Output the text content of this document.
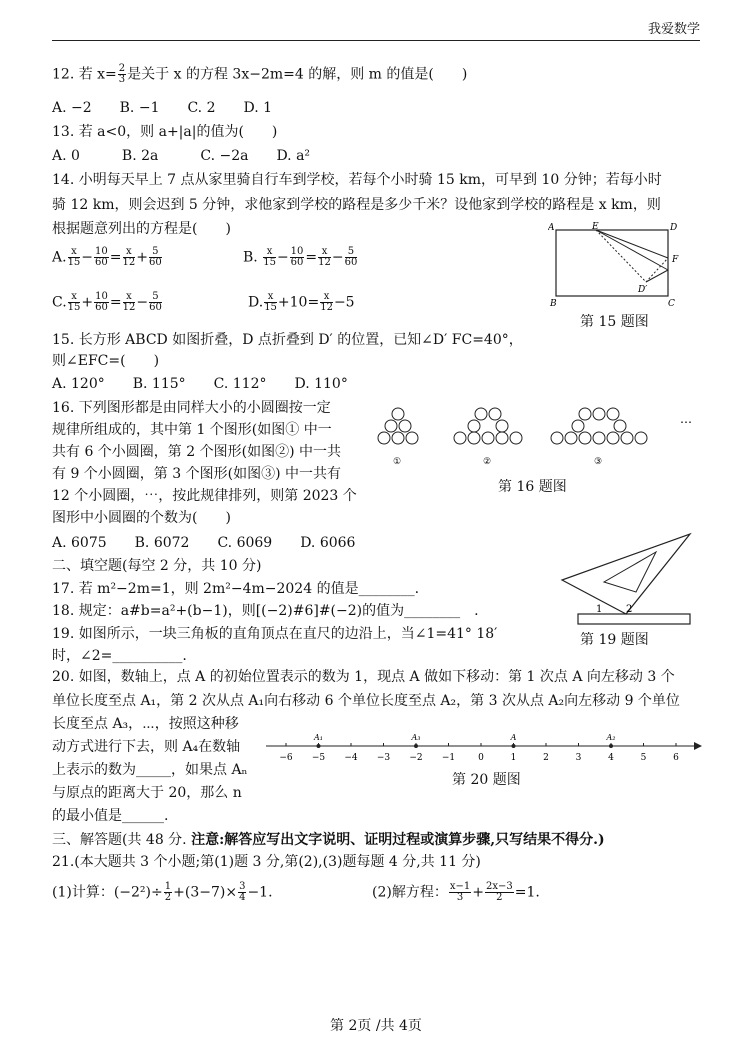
我爱数学
12. 若 $x= \frac{2}{3}$ 是关于 x 的方程 3x−2m=4 的解，则 m 的值是(　　)
A. −2　　B. −1　　C. 2　　D. 1
13. 若 a<0，则 a+|a|的值为(　　)
A. 0　　　B. 2a　　　C. −2a　　D. a²
14. 小明每天早上 7 点从家里骑自行车到学校，若每个小时骑 15 km，可早到 10 分钟；若每小时
骑 12 km，则会迟到 5 分钟，求他家到学校的路程是多少千米？设他家到学校的路程是 x km，则
根据题意列出的方程是(　　)
A. $\frac{x}{15} - \frac{10}{60} = \frac{x}{12} + \frac{5}{60}$	B. $\frac{x}{15} - \frac{10}{60} = \frac{x}{12} - \frac{5}{60}$
C. $\frac{x}{15} + \frac{10}{60} = \frac{x}{12} - \frac{5}{60}$	D. $\frac{x}{15} +10= \frac{x}{12} -5$
A	E	D
F
D′
B	C
第 15 题图
15. 长方形 ABCD 如图折叠，D 点折叠到 D′ 的位置，已知∠D′ FC=40°，
则∠EFC=(　　)
A. 120°　　B. 115°　　C. 112°　　D. 110°
16. 下列图形都是由同样大小的小圆圈按一定
规律所组成的，其中第 1 个图形(如图① 中一
共有 6 个小圆圈，第 2 个图形(如图②) 中一共
有 9 个小圆圈，第 3 个图形(如图③) 中一共有
12 个小圆圈，⋯，按此规律排列，则第 2023 个
图形中小圆圈的个数为(　　)
A. 6075　　B. 6072　　C. 6069　　D. 6066
①	②	③
⋯
第 16 题图
二、填空题(每空 2 分，共 10 分)
17. 若 m²−2m=1，则 2m²−4m−2024 的值是________.
18. 规定：a#b=a²+(b−1)，则[(−2)#6]#(−2)的值为________　.
19. 如图所示，一块三角板的直角顶点在直尺的边沿上，当∠1=41° 18′
时，∠2=__________.
1 2
第 19 题图
20. 如图，数轴上，点 A 的初始位置表示的数为 1，现点 A 做如下移动：第 1 次点 A 向左移动 3 个
单位长度至点 A₁，第 2 次从点 A₁向右移动 6 个单位长度至点 A₂，第 3 次从点 A₂向左移动 9 个单位
长度至点 A₃，⋯，按照这种移
动方式进行下去，则 A₄在数轴
上表示的数为_____，如果点 Aₙ
与原点的距离大于 20，那么 n
的最小值是______.
−6 −5 −4 −3 −2 −1	0	1	2	3	4	5	6
A₁	A₃	A	A₂
第 20 题图
三、解答题(共 48 分. 注意:解答应写出文字说明、证明过程或演算步骤,只写结果不得分.)
21.(本大题共 3 个小题;第(1)题 3 分,第(2),(3)题每题 4 分,共 11 分)
(1)计算：$(-2^2)\div \frac{1}{2} +(3-7)\times \frac{3}{4} -1$.	(2)解方程： $\frac{x-1}{3} + \frac{2x-3}{2} =1$.
第 2页 /共 4页
